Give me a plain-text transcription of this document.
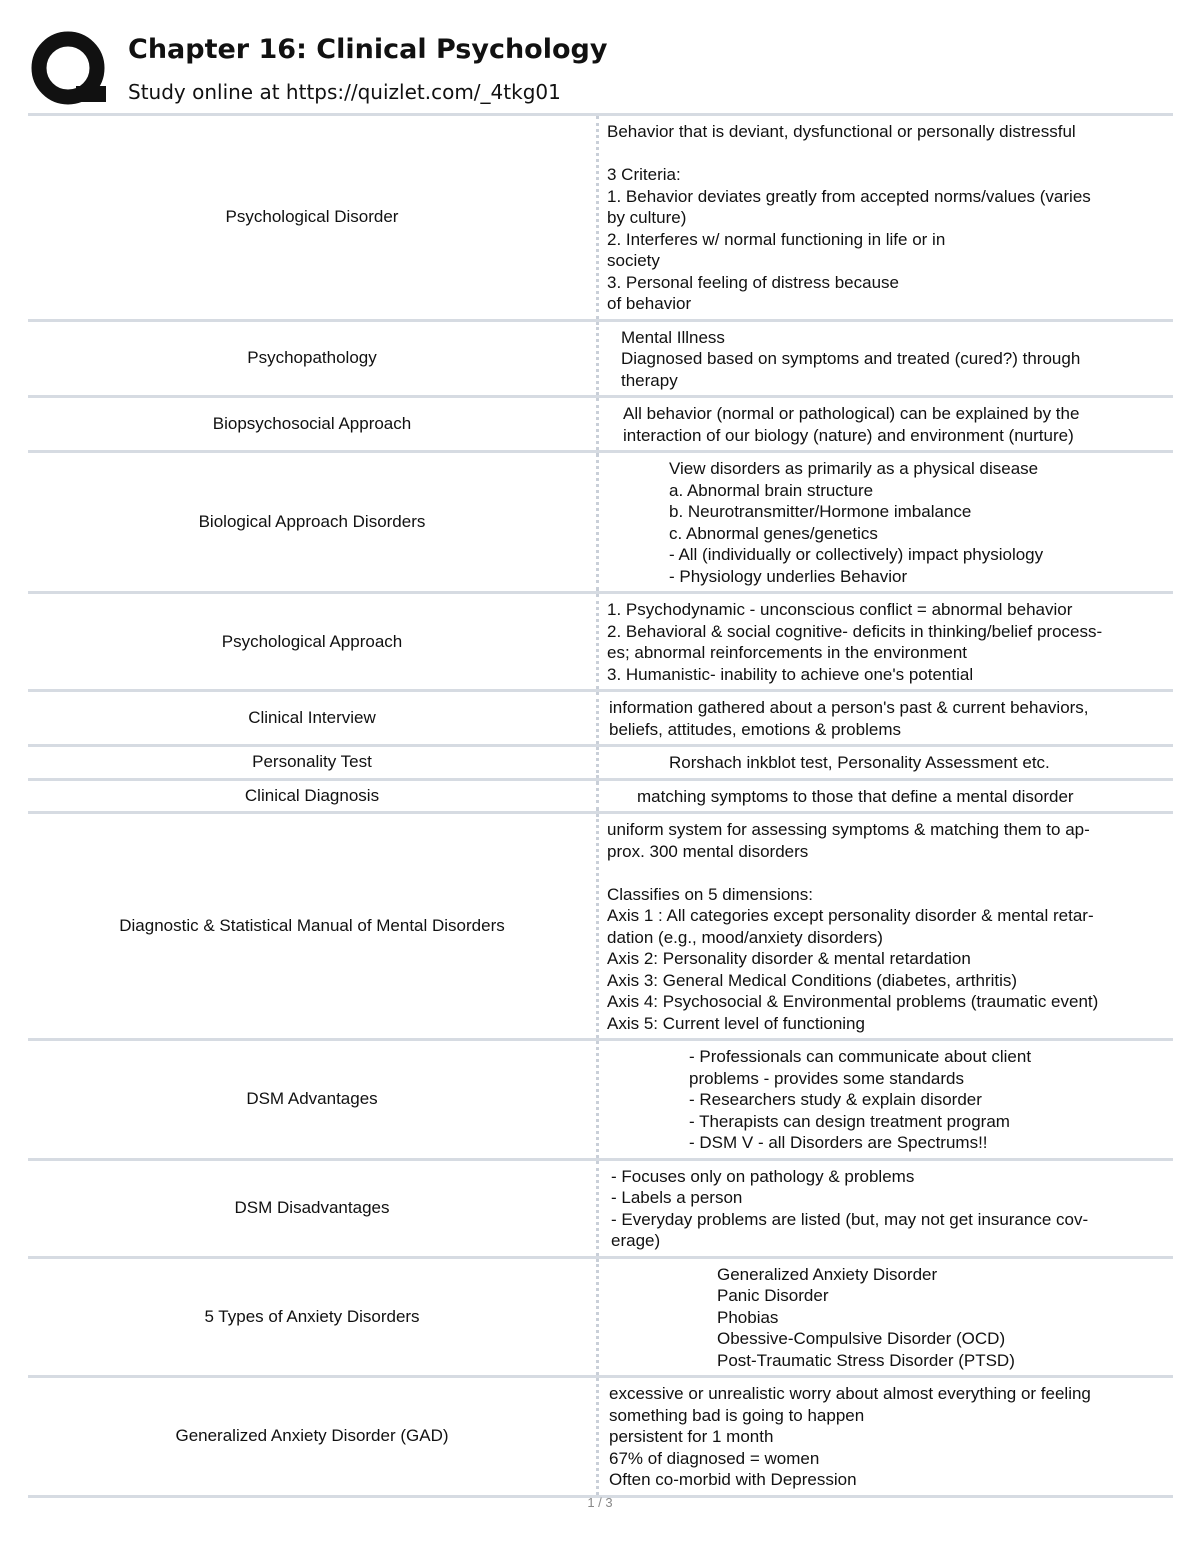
Chapter 16: Clinical Psychology
Study online at https://quizlet.com/_4tkg01
Psychological Disorder
Behavior that is deviant, dysfunctional or personally distressful
3 Criteria:
1. Behavior deviates greatly from accepted norms/values (varies
by culture)
2. Interferes w/ normal functioning in life or in
society
3. Personal feeling of distress because
of behavior
Psychopathology
Mental Illness
Diagnosed based on symptoms and treated (cured?) through
therapy
Biopsychosocial Approach
All behavior (normal or pathological) can be explained by the
interaction of our biology (nature) and environment (nurture)
Biological Approach Disorders
View disorders as primarily as a physical disease
a. Abnormal brain structure
b. Neurotransmitter/Hormone imbalance
c. Abnormal genes/genetics
- All (individually or collectively) impact physiology
- Physiology underlies Behavior
Psychological Approach
1. Psychodynamic - unconscious conflict = abnormal behavior
2. Behavioral & social cognitive- deficits in thinking/belief process-
es; abnormal reinforcements in the environment
3. Humanistic- inability to achieve one's potential
Clinical Interview
information gathered about a person's past & current behaviors,
beliefs, attitudes, emotions & problems
Personality Test	Rorshach inkblot test, Personality Assessment etc.
Clinical Diagnosis	matching symptoms to those that define a mental disorder
Diagnostic & Statistical Manual of Mental Disorders
uniform system for assessing symptoms & matching them to ap-
prox. 300 mental disorders
Classifies on 5 dimensions:
Axis 1 : All categories except personality disorder & mental retar-
dation (e.g., mood/anxiety disorders)
Axis 2: Personality disorder & mental retardation
Axis 3: General Medical Conditions (diabetes, arthritis)
Axis 4: Psychosocial & Environmental problems (traumatic event)
Axis 5: Current level of functioning
DSM Advantages
- Professionals can communicate about client
problems - provides some standards
- Researchers study & explain disorder
- Therapists can design treatment program
- DSM V - all Disorders are Spectrums!!
DSM Disadvantages
- Focuses only on pathology & problems
- Labels a person
- Everyday problems are listed (but, may not get insurance cov-
erage)
5 Types of Anxiety Disorders
Generalized Anxiety Disorder
Panic Disorder
Phobias
Obessive-Compulsive Disorder (OCD)
Post-Traumatic Stress Disorder (PTSD)
Generalized Anxiety Disorder (GAD)
excessive or unrealistic worry about almost everything or feeling
something bad is going to happen
persistent for 1 month
67% of diagnosed = women
Often co-morbid with Depression
1 / 3
